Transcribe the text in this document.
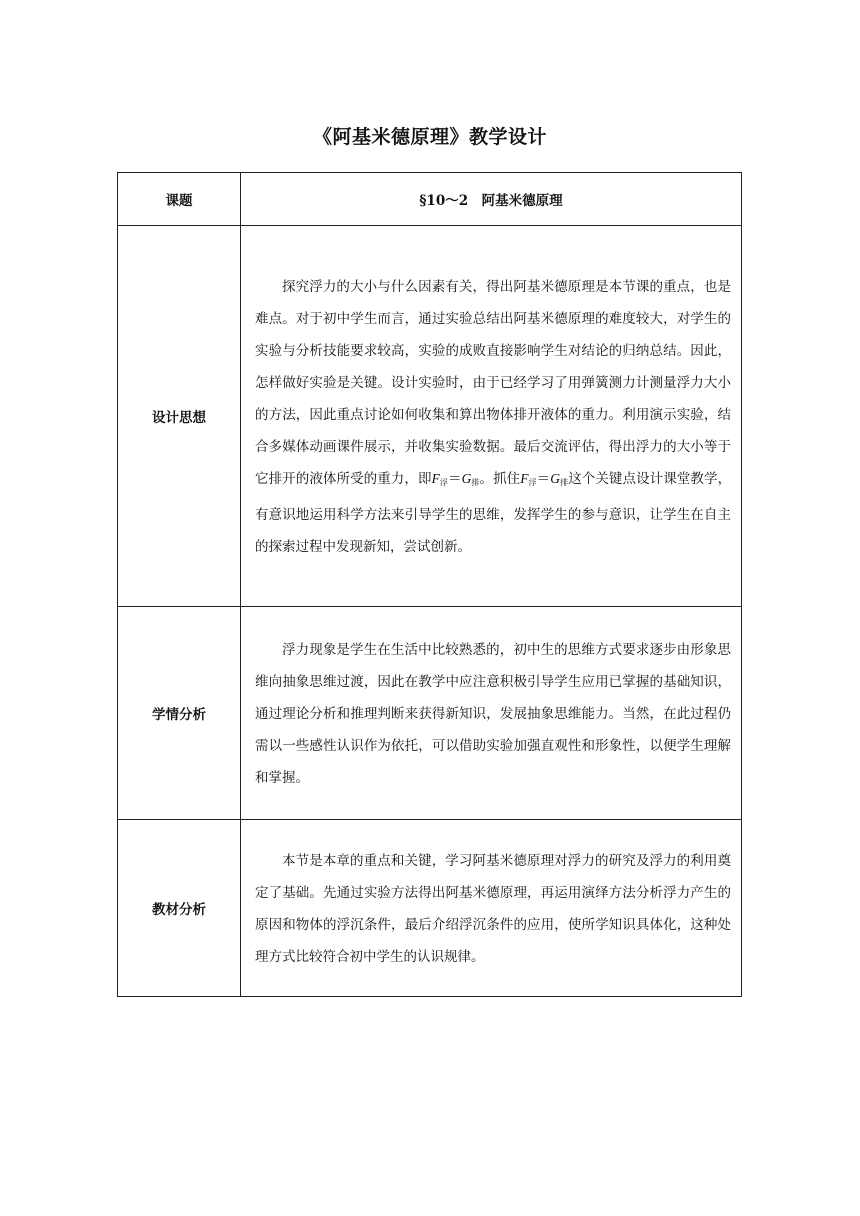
《阿基米德原理》教学设计
课题	§10～2　阿基米德原理
设计思想	探究浮力的大小与什么因素有关，得出阿基米德原理是本节课的重点，也是难点。对于初中学生而言，通过实验总结出阿基米德原理的难度较大，对学生的实验与分析技能要求较高，实验的成败直接影响学生对结论的归纳总结。因此，怎样做好实验是关键。设计实验时，由于已经学习了用弹簧测力计测量浮力大小的方法，因此重点讨论如何收集和算出物体排开液体的重力。利用演示实验，结合多媒体动画课件展示，并收集实验数据。最后交流评估，得出浮力的大小等于它排开的液体所受的重力，即$F_浮=G_排$。抓住$F_浮=G_排$这个关键点设计课堂教学，有意识地运用科学方法来引导学生的思维，发挥学生的参与意识，让学生在自主的探索过程中发现新知，尝试创新。

学情分析	浮力现象是学生在生活中比较熟悉的，初中生的思维方式要求逐步由形象思维向抽象思维过渡，因此在教学中应注意积极引导学生应用已掌握的基础知识，通过理论分析和推理判断来获得新知识，发展抽象思维能力。当然，在此过程仍需以一些感性认识作为依托，可以借助实验加强直观性和形象性，以便学生理解和掌握。

教材分析	本节是本章的重点和关键，学习阿基米德原理对浮力的研究及浮力的利用奠定了基础。先通过实验方法得出阿基米德原理，再运用演绎方法分析浮力产生的原因和物体的浮沉条件，最后介绍浮沉条件的应用，使所学知识具体化，这种处理方式比较符合初中学生的认识规律。
